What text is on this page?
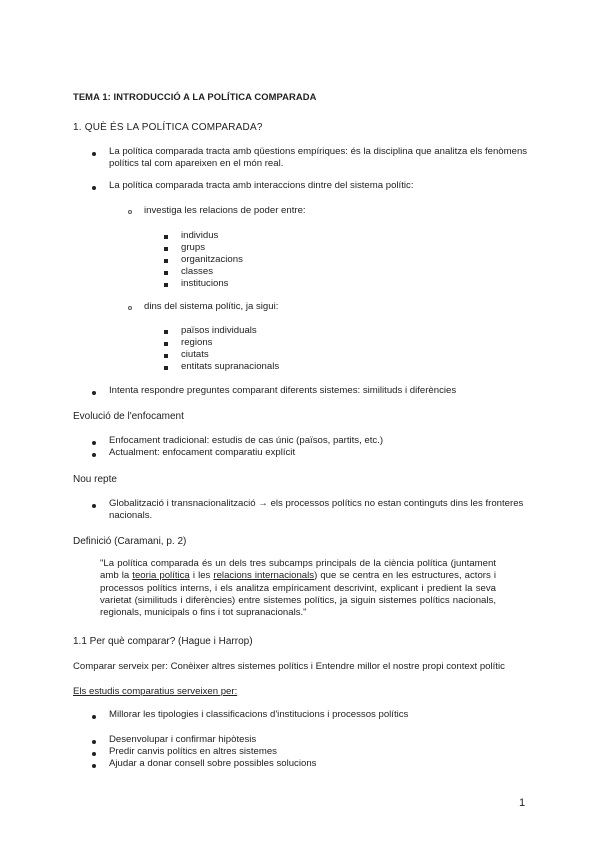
TEMA 1: INTRODUCCIÓ A LA POLÍTICA COMPARADA
1. QUÈ ÉS LA POLÍTICA COMPARADA?
La política comparada tracta amb qüestions empíriques: és la disciplina que analitza els fenòmens
polítics tal com apareixen en el món real.
La política comparada tracta amb interaccions dintre del sistema polític:
investiga les relacions de poder entre:
individus
grups
organitzacions
classes
institucions
dins del sistema polític, ja sigui:
països individuals
regions
ciutats
entitats supranacionals
Intenta respondre preguntes comparant diferents sistemes: similituds i diferències
Evolució de l'enfocament
Enfocament tradicional: estudis de cas únic (països, partits, etc.)
Actualment: enfocament comparatiu explícit
Nou repte
Globalització i transnacionalització → els processos polítics no estan continguts dins les fronteres
nacionals.
Definició (Caramani, p. 2)
"La política comparada és un dels tres subcamps principals de la ciència política (juntament amb la teoria política i les relacions internacionals) que se centra en les estructures, actors i processos polítics interns, i els analitza empíricament descrivint, explicant i predient la seva varietat (similituds i diferències) entre sistemes polítics, ja siguin sistemes polítics nacionals, regionals, municipals o fins i tot supranacionals."
1.1 Per què comparar? (Hague i Harrop)
Comparar serveix per: Conèixer altres sistemes polítics i Entendre millor el nostre propi context polític
Els estudis comparatius serveixen per:
Millorar les tipologies i classificacions d'institucions i processos polítics
Desenvolupar i confirmar hipòtesis
Predir canvis polítics en altres sistemes
Ajudar a donar consell sobre possibles solucions
1
